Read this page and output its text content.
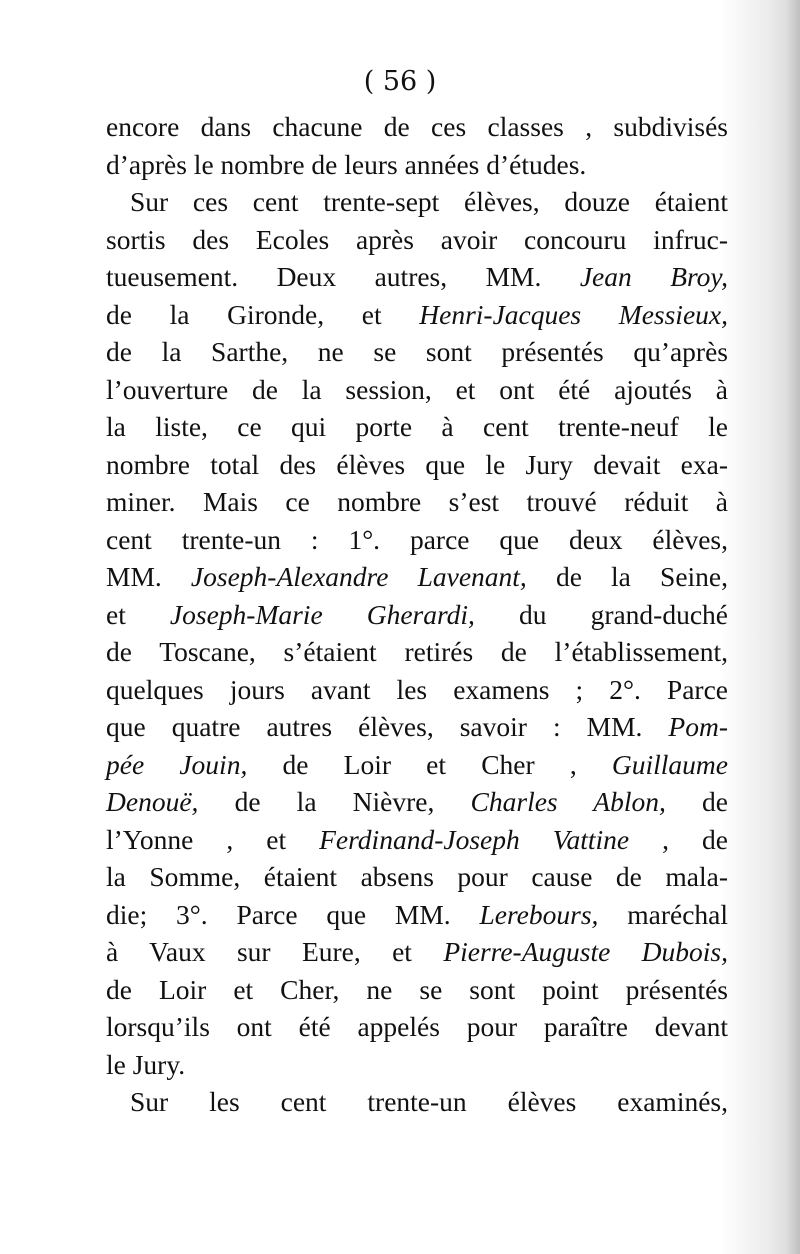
( 56 )

encore dans chacune de ces classes , subdivisés
d’après le nombre de leurs années d’études.
Sur ces cent trente-sept élèves, douze étaient
sortis des Ecoles après avoir concouru infruc-
tueusement. Deux autres, MM. Jean Broy,
de la Gironde, et Henri-Jacques Messieux,
de la Sarthe, ne se sont présentés qu’après
l’ouverture de la session, et ont été ajoutés à
la liste, ce qui porte à cent trente-neuf le
nombre total des élèves que le Jury devait exa-
miner. Mais ce nombre s’est trouvé réduit à
cent trente-un : 1°. parce que deux élèves,
MM. Joseph-Alexandre Lavenant, de la Seine,
et Joseph-Marie Gherardi, du grand-duché
de Toscane, s’étaient retirés de l’établissement,
quelques jours avant les examens ; 2°. Parce
que quatre autres élèves, savoir : MM. Pom-
pée Jouin, de Loir et Cher , Guillaume
Denouë, de la Nièvre, Charles Ablon, de
l’Yonne , et Ferdinand-Joseph Vattine , de
la Somme, étaient absens pour cause de mala-
die; 3°. Parce que MM. Lerebours, maréchal
à Vaux sur Eure, et Pierre-Auguste Dubois,
de Loir et Cher, ne se sont point présentés
lorsqu’ils ont été appelés pour paraître devant
le Jury.
Sur les cent trente-un élèves examinés,
